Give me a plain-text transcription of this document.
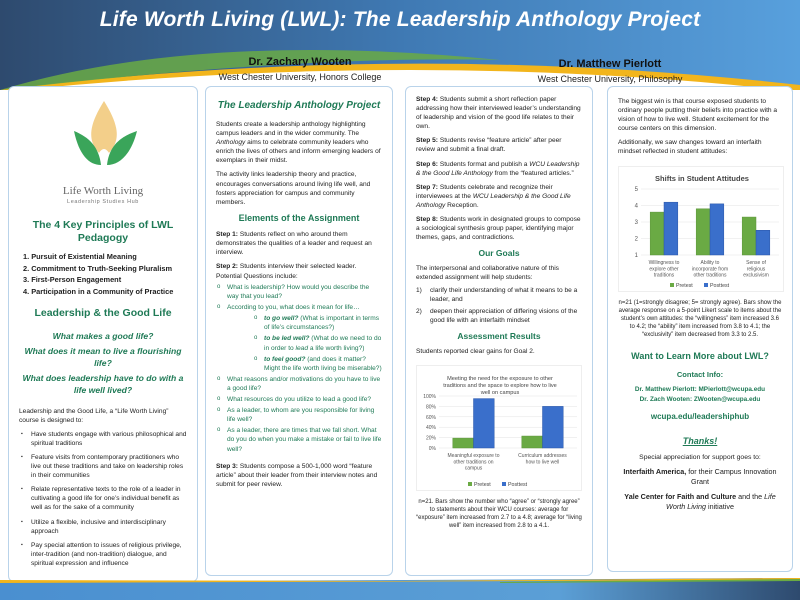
Life Worth Living (LWL): The Leadership Anthology Project
Dr. Zachary Wooten
West Chester University, Honors College
Dr. Matthew Pierlott
West Chester University, Philosophy
Life Worth Living
Leadership Studies Hub
The 4 Key Principles of LWL Pedagogy
1. Pursuit of Existential Meaning
2. Commitment to Truth-Seeking Pluralism
3. First-Person Engagement
4. Participation in a Community of Practice
Leadership & the Good Life
What makes a good life?
What does it mean to live a flourishing life?
What does leadership have to do with a life well lived?

Leadership and the Good Life, a “Life Worth Living” course is designed to:

▪ Have students engage with various philosophical and spiritual traditions
▪ Feature visits from contemporary practitioners who live out these traditions and take on leadership roles in their communities
▪ Relate representative texts to the role of a leader in cultivating a good life for one’s individual benefit as well as for the sake of a community
▪ Utilize a flexible, inclusive and interdisciplinary approach
▪ Pay special attention to issues of religious privilege, inter-tradition (and non-tradition) dialogue, and spiritual expression and influence
The Leadership Anthology Project

Students create a leadership anthology highlighting campus leaders and in the wider community. The Anthology aims to celebrate community leaders who enrich the lives of others and inform emerging leaders of exemplars in their midst.

The activity links leadership theory and practice, encourages conversations around living life well, and fosters appreciation for campus and community members.

Elements of the Assignment

Step 1: Students reflect on who around them demonstrates the qualities of a leader and request an interview.

Step 2: Students interview their selected leader.

Potential Questions include:

o What is leadership? How would you describe the way that you lead?
o According to you, what does it mean for life…
o to go well? (What is important in terms of life’s circumstances?)
o to be led well? (What do we need to do in order to lead a life worth living?)
o to feel good? (and does it matter? Might the life worth living be miserable?)
o What reasons and/or motivations do you have to live a good life?
o What resources do you utilize to lead a good life?
o As a leader, to whom are you responsible for living life well?
o As a leader, there are times that we fall short. What do you do when you make a mistake or fail to live life well?

Step 3: Students compose a 500-1,000 word “feature article” about their leader from their interview notes and submit for peer review.

Step 4: Students submit a short reflection paper addressing how their interviewed leader’s understanding of leadership and vision of the good life relates to their own.

Step 5: Students revise “feature article” after peer review and submit a final draft.

Step 6: Students format and publish a WCU Leadership & the Good Life Anthology from the “featured articles.”

Step 7: Students celebrate and recognize their interviewees at the WCU Leadership & the Good Life Anthology Reception.

Step 8: Students work in designated groups to compose a sociological synthesis group paper, identifying major themes, gaps, and contradictions.

Our Goals

The interpersonal and collaborative nature of this extended assignment will help students:

1)	clarify their understanding of what it means to be a leader, and
2)	deepen their appreciation of differing visions of the good life with an interfaith mindset
Assessment Results

Students reported clear gains for Goal 2.

Meeting the need for the exposure to other traditions and the space to explore how to live well on campus
0%
20%
40%
60%
80%
100%
Meaningful exposure to other traditions on campus
Curriculum addresses how to live well
Pretest	Posttest
n=21. Bars show the number who “agree” or “strongly agree” to statements about their WCU courses: average for “exposure” item increased from 2.7 to a 4.8; average for “living well” item increased from 2.8 to a 4.1.

The biggest win is that course exposed students to ordinary people putting their beliefs into practice with a vision of how to live well. Student excitement for the course centers on this dimension.

Additionally, we saw changes toward an interfaith mindset reflected in student attitudes:

Shifts in Student Attitudes
1
2
3
4
5
Willingness to explore other traditions
Ability to incorporate from other traditions
Sense of religious exclusivism
Pretest	Posttest
n=21 (1=strongly disagree; 5= strongly agree). Bars show the average response on a 5-point Likert scale to items about the student’s own attitudes: the “willingness” item increased 3.6 to 4.2; the “ability” item increased from 3.8 to 4.1; the “exclusivity” item decreased from 3.3 to 2.5.
Want to Learn More about LWL?
Contact Info:
Dr. Matthew Pierlott: MPierlott@wcupa.edu
Dr. Zach Wooten: ZWooten@wcupa.edu
wcupa.edu/leadershiphub
Thanks!

Special appreciation for support goes to:

Interfaith America, for their Campus Innovation Grant

Yale Center for Faith and Culture and the Life Worth Living initiative
